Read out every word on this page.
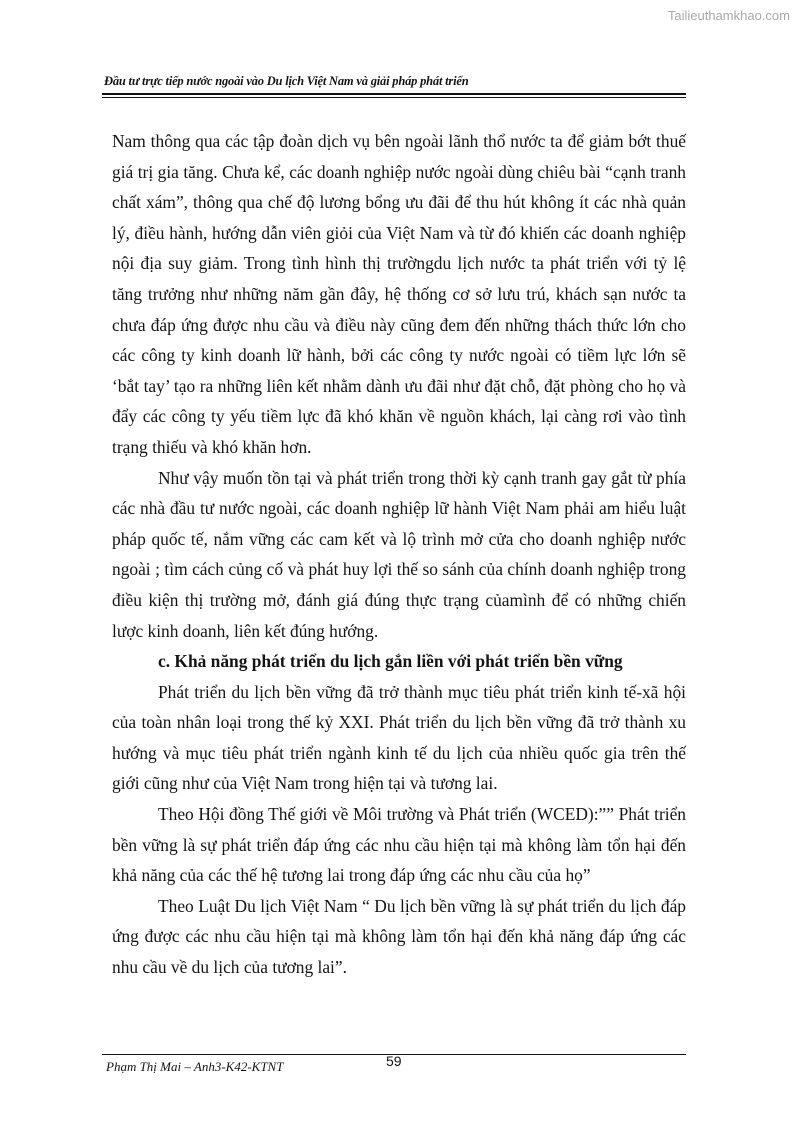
Tailieuthamkhao.com
Đầu tư trực tiếp nước ngoài vào Du lịch Việt Nam và giải pháp phát triển

Nam thông qua các tập đoàn dịch vụ bên ngoài lãnh thổ nước ta để giảm bớt thuế giá trị gia tăng. Chưa kể, các doanh nghiệp nước ngoài dùng chiêu bài “cạnh tranh chất xám”, thông qua chế độ lương bổng ưu đãi để thu hút không ít các nhà quản lý, điều hành, hướng dẫn viên giỏi của Việt Nam và từ đó khiến các doanh nghiệp nội địa suy giảm. Trong tình hình thị trườngdu lịch nước ta phát triển với tỷ lệ tăng trưởng như những năm gần đây, hệ thống cơ sở lưu trú, khách sạn nước ta chưa đáp ứng được nhu cầu và điều này cũng đem đến những thách thức lớn cho các công ty kinh doanh lữ hành, bởi các công ty nước ngoài có tiềm lực lớn sẽ ‘bắt tay’ tạo ra những liên kết nhằm dành ưu đãi như đặt chỗ, đặt phòng cho họ và đẩy các công ty yếu tiềm lực đã khó khăn về nguồn khách, lại càng rơi vào tình trạng thiếu và khó khăn hơn.

Như vậy muốn tồn tại và phát triển trong thời kỳ cạnh tranh gay gắt từ phía các nhà đầu tư nước ngoài, các doanh nghiệp lữ hành Việt Nam phải am hiểu luật pháp quốc tế, nắm vững các cam kết và lộ trình mở cửa cho doanh nghiệp nước ngoài ; tìm cách củng cố và phát huy lợi thế so sánh của chính doanh nghiệp trong điều kiện thị trường mở, đánh giá đúng thực trạng củamình để có những chiến lược kinh doanh, liên kết đúng hướng.

c. Khả năng phát triển du lịch gắn liền với phát triển bền vững

Phát triển du lịch bền vững đã trở thành mục tiêu phát triển kinh tế-xã hội của toàn nhân loại trong thế kỷ XXI. Phát triển du lịch bền vững đã trở thành xu hướng và mục tiêu phát triển ngành kinh tế du lịch của nhiều quốc gia trên thế giới cũng như của Việt Nam trong hiện tại và tương lai.

Theo Hội đồng Thế giới về Môi trường và Phát triển (WCED):”” Phát triển bền vững là sự phát triển đáp ứng các nhu cầu hiện tại mà không làm tổn hại đến khả năng của các thế hệ tương lai trong đáp ứng các nhu cầu của họ”

Theo Luật Du lịch Việt Nam “ Du lịch bền vững là sự phát triển du lịch đáp ứng được các nhu cầu hiện tại mà không làm tổn hại đến khả năng đáp ứng các nhu cầu về du lịch của tương lai”.

Phạm Thị Mai – Anh3-K42-KTNT	59
